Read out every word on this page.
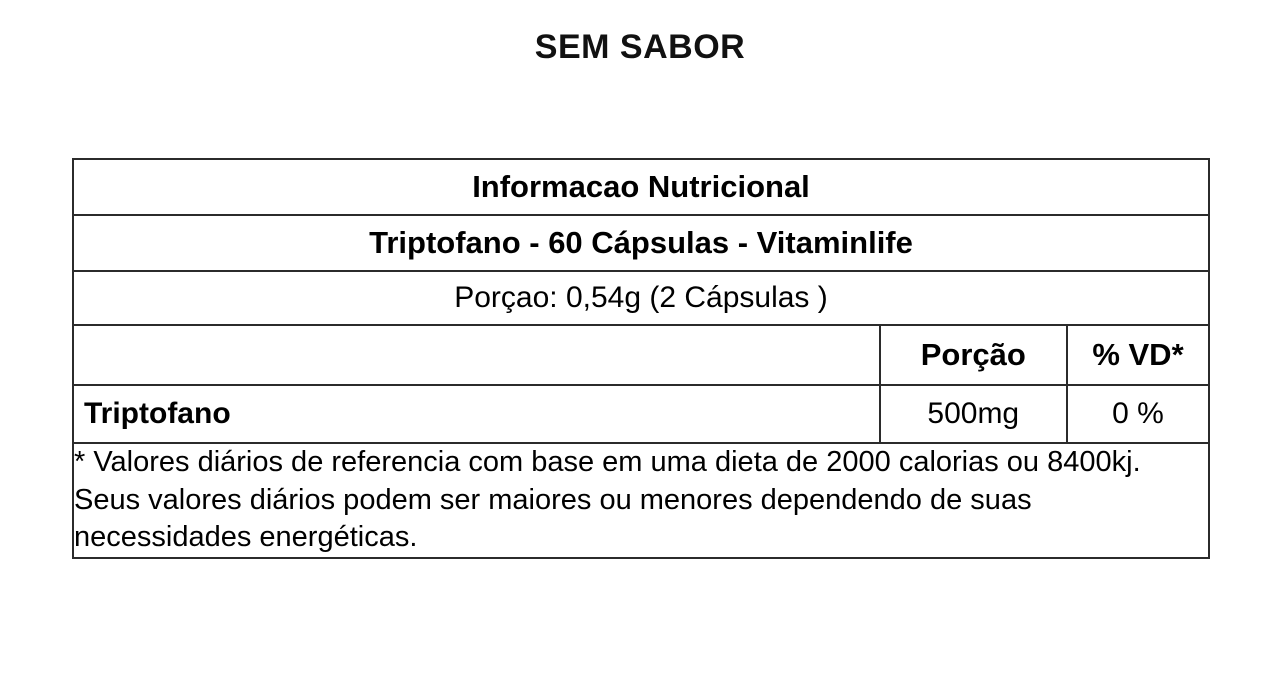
SEM SABOR
Informacao Nutricional		
Triptofano - 60 Cápsulas - Vitaminlife		
Porçao: 0,54g (2 Cápsulas )		
	Porção	% VD*
Triptofano	500mg	0 %

* Valores diários de referencia com base em uma dieta de 2000 calorias ou 8400kj. Seus valores diários podem ser maiores ou menores dependendo de suas necessidades energéticas.		
